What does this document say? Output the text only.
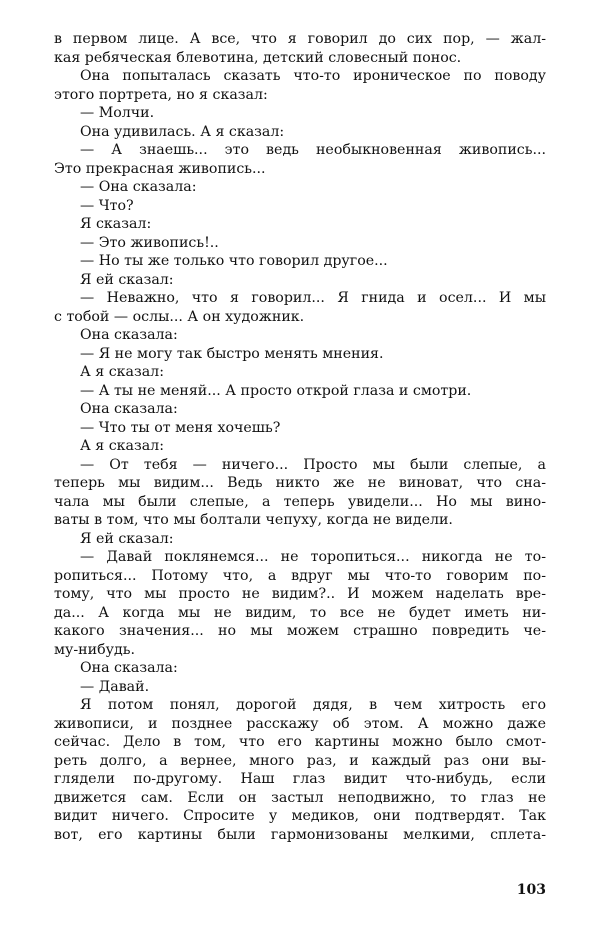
в первом лице. А все, что я говорил до сих пор, — жал-
кая ребяческая блевотина, детский словесный понос.
Она попыталась сказать что-то ироническое по поводу
этого портрета, но я сказал:
— Молчи.
Она удивилась. А я сказал:
— А знаешь... это ведь необыкновенная живопись...
Это прекрасная живопись...
— Она сказала:
— Что?
Я сказал:
— Это живопись!..
— Но ты же только что говорил другое...
Я ей сказал:
— Неважно, что я говорил... Я гнида и осел... И мы
с тобой — ослы... А он художник.
Она сказала:
— Я не могу так быстро менять мнения.
А я сказал:
— А ты не меняй... А просто открой глаза и смотри.
Она сказала:
— Что ты от меня хочешь?
А я сказал:
— От тебя — ничего... Просто мы были слепые, а
теперь мы видим... Ведь никто же не виноват, что сна-
чала мы были слепые, а теперь увидели... Но мы вино-
ваты в том, что мы болтали чепуху, когда не видели.
Я ей сказал:
— Давай поклянемся... не торопиться... никогда не то-
ропиться... Потому что, а вдруг мы что-то говорим по-
тому, что мы просто не видим?.. И можем наделать вре-
да... А когда мы не видим, то все не будет иметь ни-
какого значения... но мы можем страшно повредить че-
му-нибудь.
Она сказала:
— Давай.
Я потом понял, дорогой дядя, в чем хитрость его
живописи, и позднее расскажу об этом. А можно даже
сейчас. Дело в том, что его картины можно было смот-
реть долго, а вернее, много раз, и каждый раз они вы-
глядели по-другому. Наш глаз видит что-нибудь, если
движется сам. Если он застыл неподвижно, то глаз не
видит ничего. Спросите у медиков, они подтвердят. Так
вот, его картины были гармонизованы мелкими, сплета-
103
